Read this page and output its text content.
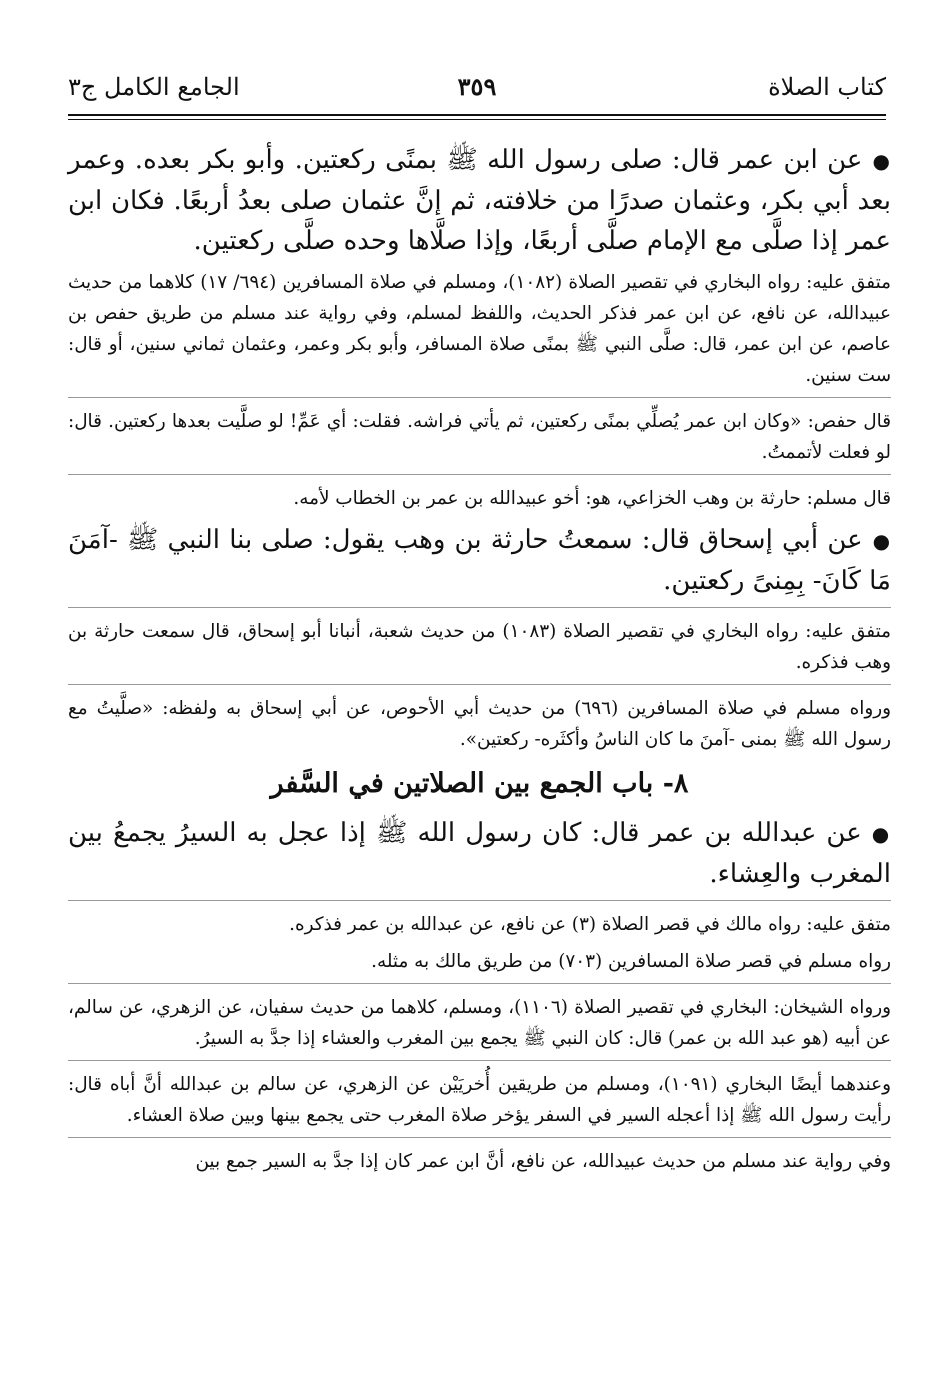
كتاب الصلاة
٣٥٩
الجامع الكامل ج٣

●عن ابن عمر قال: صلى رسول الله ﷺ بمنًى ركعتين. وأبو بكر بعده. وعمر بعد أبي بكر، وعثمان صدرًا من خلافته، ثم إنَّ عثمان صلى بعدُ أربعًا. فكان ابن عمر إذا صلَّى مع الإمام صلَّى أربعًا، وإذا صلَّاها وحده صلَّى ركعتين.

متفق عليه: رواه البخاري في تقصير الصلاة (١٠٨٢)، ومسلم في صلاة المسافرين (٦٩٤/ ١٧) كلاهما من حديث عبيدالله، عن نافع، عن ابن عمر فذكر الحديث، واللفظ لمسلم، وفي رواية عند مسلم من طريق حفص بن عاصم، عن ابن عمر، قال: صلَّى النبي ﷺ بمنًى صلاة المسافر، وأبو بكر وعمر، وعثمان ثماني سنين، أو قال: ست سنين.

قال حفص: «وكان ابن عمر يُصلِّي بمنًى ركعتين، ثم يأتي فراشه. فقلت: أي عَمِّ! لو صلَّيت بعدها ركعتين. قال: لو فعلت لأتممتُ.

قال مسلم: حارثة بن وهب الخزاعي، هو: أخو عبيدالله بن عمر بن الخطاب لأمه.

●عن أبي إسحاق قال: سمعتُ حارثة بن وهب يقول: صلى بنا النبي ﷺ -آمَنَ مَا كَانَ- بِمِنىً ركعتين.

متفق عليه: رواه البخاري في تقصير الصلاة (١٠٨٣) من حديث شعبة، أنبانا أبو إسحاق، قال سمعت حارثة بن وهب فذكره.

ورواه مسلم في صلاة المسافرين (٦٩٦) من حديث أبي الأحوص، عن أبي إسحاق به ولفظه: «صلَّيتُ مع رسول الله ﷺ بمنى -آمنَ ما كان الناسُ وأكثَره- ركعتين».

٨- باب الجمع بين الصلاتين في السَّفر

●عن عبدالله بن عمر قال: كان رسول الله ﷺ إذا عجل به السيرُ يجمعُ بين المغرب والعِشاء.

متفق عليه: رواه مالك في قصر الصلاة (٣) عن نافع، عن عبدالله بن عمر فذكره.

رواه مسلم في قصر صلاة المسافرين (٧٠٣) من طريق مالك به مثله.

ورواه الشيخان: البخاري في تقصير الصلاة (١١٠٦)، ومسلم، كلاهما من حديث سفيان، عن الزهري، عن سالم، عن أبيه (هو عبد الله بن عمر) قال: كان النبي ﷺ يجمع بين المغرب والعشاء إذا جدَّ به السيرُ.

وعندهما أيضًا البخاري (١٠٩١)، ومسلم من طريقين أُخريَيْن عن الزهري، عن سالم بن عبدالله أنَّ أباه قال: رأيت رسول الله ﷺ إذا أعجله السير في السفر يؤخر صلاة المغرب حتى يجمع بينها وبين صلاة العشاء.

وفي رواية عند مسلم من حديث عبيدالله، عن نافع، أنَّ ابن عمر كان إذا جدَّ به السير جمع بين
